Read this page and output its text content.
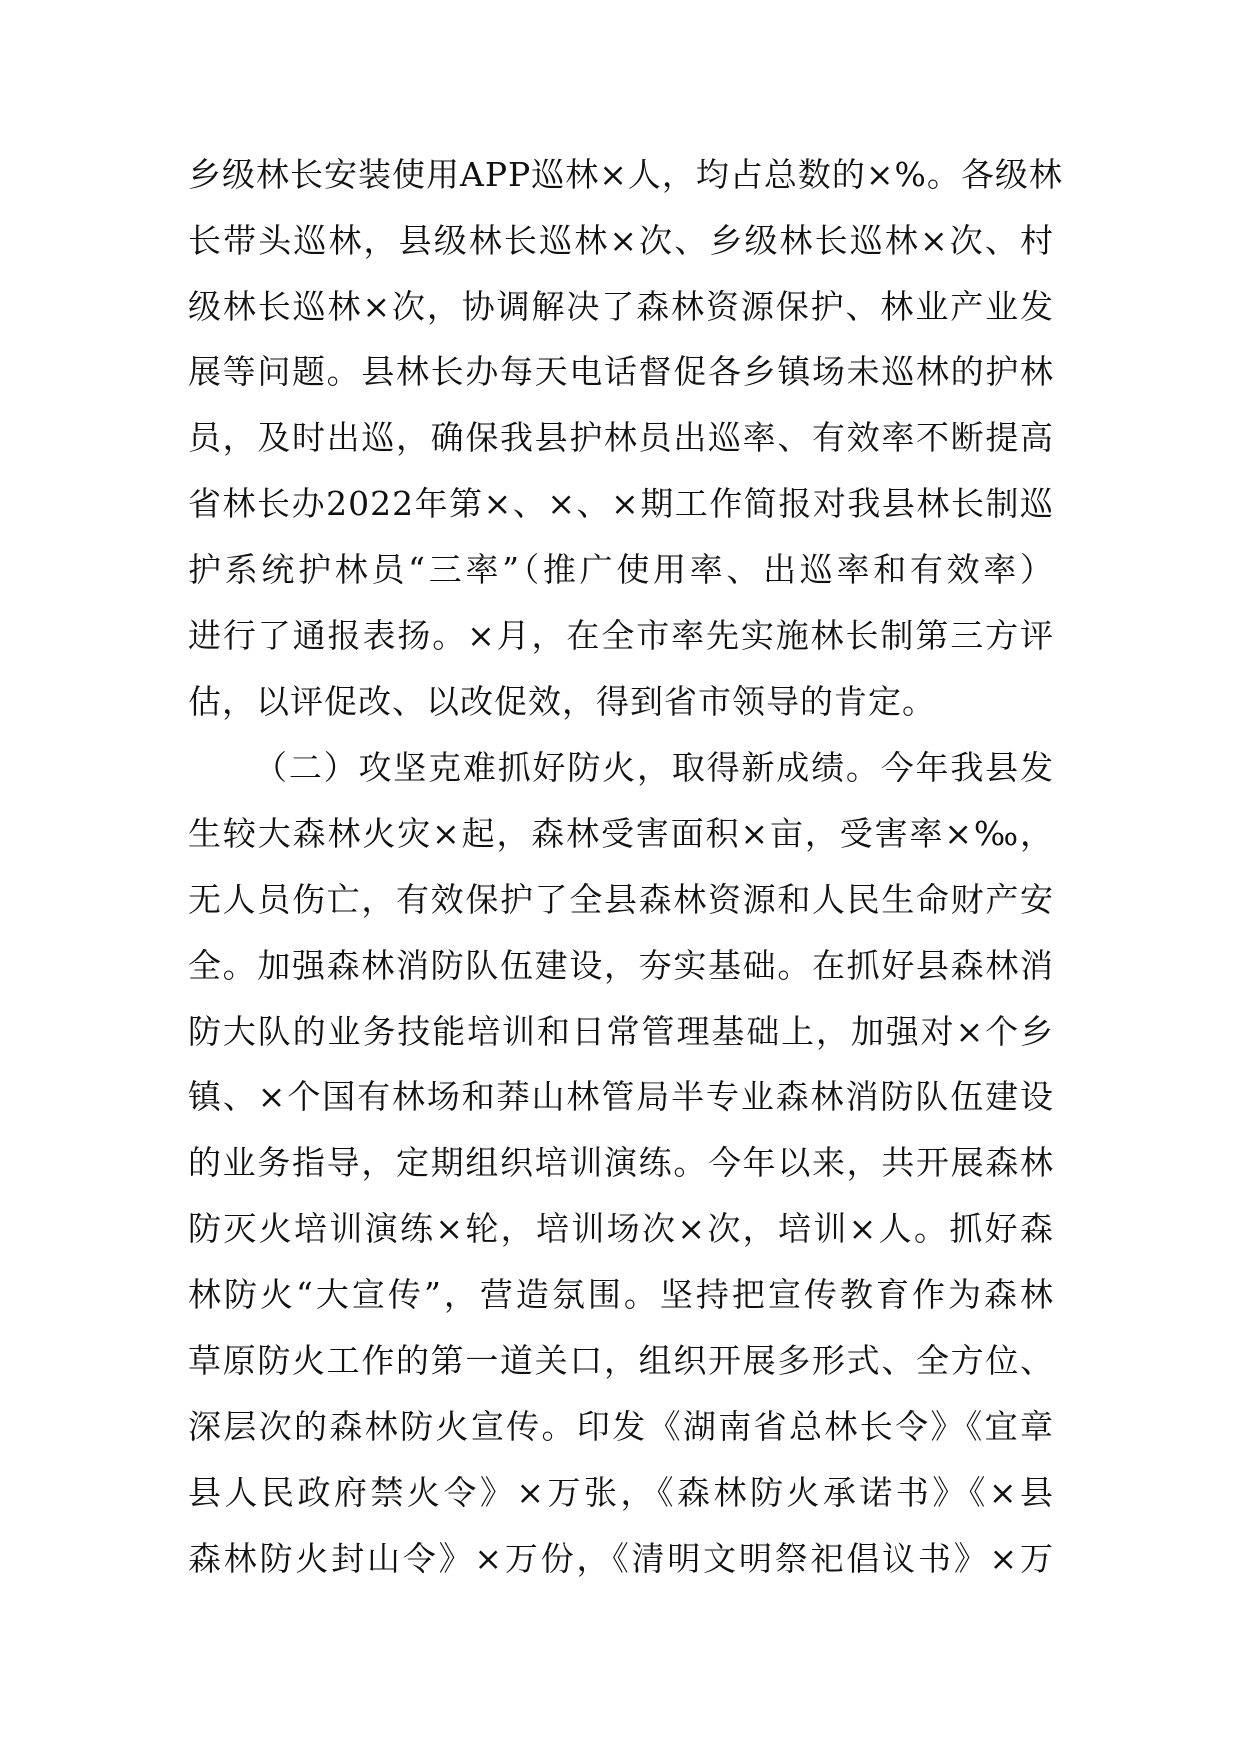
乡级林长安装使用APP巡林×人，均占总数的×%。各级林
长带头巡林，县级林长巡林×次、乡级林长巡林×次、村
级林长巡林×次，协调解决了森林资源保护、林业产业发
展等问题。县林长办每天电话督促各乡镇场未巡林的护林
员，及时出巡，确保我县护林员出巡率、有效率不断提高
省林长办2022年第×、×、×期工作简报对我县林长制巡
护系统护林员“三率”（推广使用率、出巡率和有效率）
进行了通报表扬。×月，在全市率先实施林长制第三方评
估，以评促改、以改促效，得到省市领导的肯定。
（二）攻坚克难抓好防火，取得新成绩。今年我县发
生较大森林火灾×起，森林受害面积×亩，受害率×‰，
无人员伤亡，有效保护了全县森林资源和人民生命财产安
全。加强森林消防队伍建设，夯实基础。在抓好县森林消
防大队的业务技能培训和日常管理基础上，加强对×个乡
镇、×个国有林场和莽山林管局半专业森林消防队伍建设
的业务指导，定期组织培训演练。今年以来，共开展森林
防灭火培训演练×轮，培训场次×次，培训×人。抓好森
林防火“大宣传”，营造氛围。坚持把宣传教育作为森林
草原防火工作的第一道关口，组织开展多形式、全方位、
深层次的森林防火宣传。印发《湖南省总林长令》《宜章
县人民政府禁火令》×万张，《森林防火承诺书》《×县
森林防火封山令》×万份，《清明文明祭祀倡议书》×万
